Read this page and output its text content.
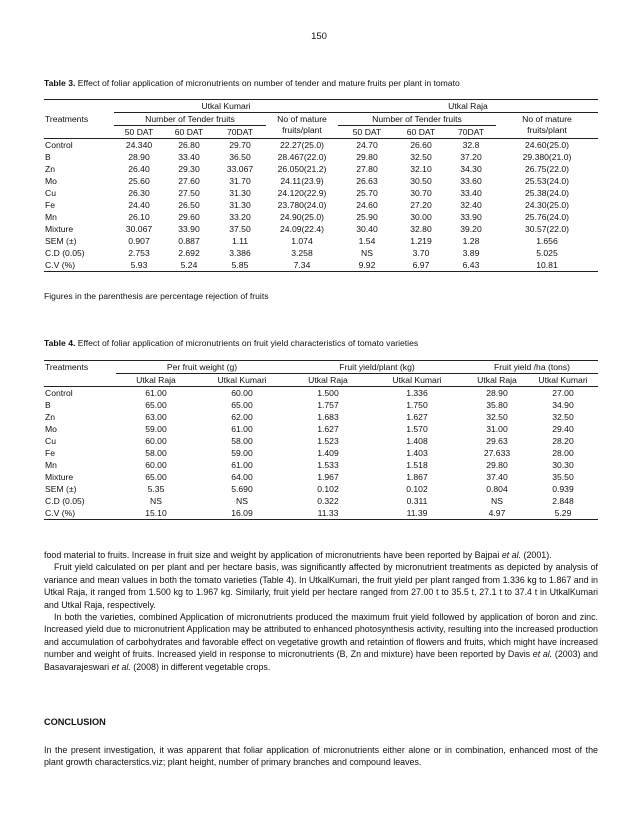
150
Table 3. Effect of foliar application of micronutrients on number of tender and mature fruits per plant in tomato
	Utkal Kumari				Utkal Raja			
Treatments	Number of Tender fruits			No of mature	Number of Tender fruits			No of mature
	50 DAT	60 DAT	70DAT	fruits/plant	50 DAT	60 DAT	70DAT	fruits/plant
Control	24.340	26.80	29.70	22.27(25.0)	24.70	26.60	32.8	24.60(25.0)
B	28.90	33.40	36.50	28.467(22.0)	29.80	32.50	37.20	29.380(21.0)
Zn	26.40	29.30	33.067	26.050(21.2)	27.80	32.10	34.30	26.75(22.0)
Mo	25.60	27.60	31.70	24.11(23.9)	26.63	30.50	33.60	25.53(24.0)
Cu	26.30	27.50	31.30	24.120(22.9)	25.70	30.70	33.40	25.38(24.0)
Fe	24.40	26.50	31.30	23.780(24.0)	24.60	27.20	32.40	24.30(25.0)
Mn	26.10	29.60	33.20	24.90(25.0)	25.90	30.00	33.90	25.76(24.0)
Mixture	30.067	33.90	37.50	24.09(22.4)	30.40	32.80	39.20	30.57(22.0)
SEM (±)	0.907	0.887	1.11	1.074	1.54	1.219	1.28	1.656
C.D (0.05)	2.753	2.692	3.386	3.258	NS	3.70	3.89	5.025
C.V (%)	5.93	5.24	5.85	7.34	9.92	6.97	6.43	10.81
Figures in the parenthesis are percentage rejection of fruits
Table 4. Effect of foliar application of micronutrients on fruit yield characteristics of tomato varieties
Treatments	Per fruit weight (g)		Fruit yield/plant (kg)		Fruit yield /ha (tons)	
	Utkal Raja	Utkal Kumari	Utkal Raja	Utkal Kumari	Utkal Raja	Utkal Kumari
Control	61.00	60.00	1.500	1.336	28.90	27.00
B	65.00	65.00	1.757	1.750	35.80	34.90
Zn	63.00	62.00	1.683	1.627	32.50	32.50
Mo	59.00	61.00	1.627	1.570	31.00	29.40
Cu	60.00	58.00	1.523	1.408	29.63	28.20
Fe	58.00	59.00	1.409	1.403	27.633	28.00
Mn	60.00	61.00	1.533	1.518	29.80	30.30
Mixture	65.00	64.00	1.967	1.867	37.40	35.50
SEM (±)	5.35	5.690	0.102	0.102	0.804	0.939
C.D (0.05)	NS	NS	0.322	0.311	NS	2.848
C.V (%)	15.10	16.09	11.33	11.39	4.97	5.29

food material to fruits. Increase in fruit size and weight by application of micronutrients have been reported by Bajpai et al. (2001).

Fruit yield calculated on per plant and per hectare basis, was significantly affected by micronutrient treatments as depicted by analysis of variance and mean values in both the tomato varieties (Table 4). In UtkalKumari, the fruit yield per plant ranged from 1.336 kg to 1.867 and in Utkal Raja, it ranged from 1.500 kg to 1.967 kg. Similarly, fruit yield per hectare ranged from 27.00 t to 35.5 t, 27.1 t to 37.4 t in UtkalKumari and Utkal Raja, respectively.

In both the varieties, combined Application of micronutrients produced the maximum fruit yield followed by application of boron and zinc. Increased yield due to micronutrient Application may be attributed to enhanced photosynthesis activity, resulting into the increased production and accumulation of carbohydrates and favorable effect on vegetative growth and retaintion of flowers and fruits, which might have increased number and weight of fruits. Increased yield in response to micronutrients (B, Zn and mixture) have been reported by Davis et al. (2003) and Basavarajeswari et al. (2008) in different vegetable crops.

CONCLUSION
In the present investigation, it was apparent that foliar application of micronutrients either alone or in combination, enhanced most of the plant growth characterstics.viz; plant height, number of primary branches and compound leaves.
